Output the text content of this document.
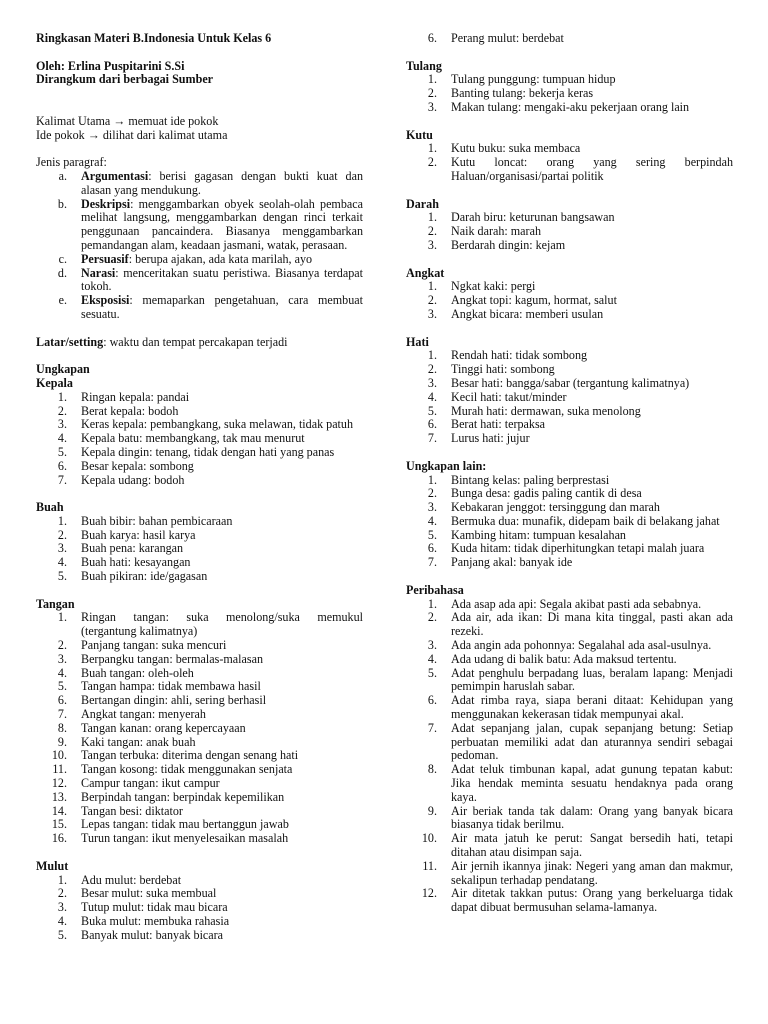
Ringkasan Materi B.Indonesia Untuk Kelas 6
Oleh: Erlina Puspitarini S.Si
Dirangkum dari berbagai Sumber
Kalimat Utama → memuat ide pokok
Ide pokok → dilihat dari kalimat utama
Jenis paragraf:
a.	Argumentasi: berisi gagasan dengan bukti kuat dan alasan yang mendukung.
b.	Deskripsi: menggambarkan obyek seolah-olah pembaca melihat langsung, menggambarkan dengan rinci terkait penggunaan pancaindera. Biasanya menggambarkan pemandangan alam, keadaan jasmani, watak, perasaan.
c.	Persuasif: berupa ajakan, ada kata marilah, ayo
d.	Narasi: menceritakan suatu peristiwa. Biasanya terdapat tokoh.
e.	Eksposisi: memaparkan pengetahuan, cara membuat sesuatu.
Latar/setting: waktu dan tempat percakapan terjadi
Ungkapan
Kepala
1.	Ringan kepala: pandai
2.	Berat kepala: bodoh
3.	Keras kepala: pembangkang, suka melawan, tidak patuh
4.	Kepala batu: membangkang, tak mau menurut
5.	Kepala dingin: tenang, tidak dengan hati yang panas
6.	Besar kepala: sombong
7.	Kepala udang: bodoh
Buah
1.	Buah bibir: bahan pembicaraan
2.	Buah karya: hasil karya
3.	Buah pena: karangan
4.	Buah hati: kesayangan
5.	Buah pikiran: ide/gagasan
Tangan
1.	Ringan tangan: suka menolong/suka memukul (tergantung kalimatnya)
2.	Panjang tangan: suka mencuri
3.	Berpangku tangan: bermalas-malasan
4.	Buah tangan: oleh-oleh
5.	Tangan hampa: tidak membawa hasil
6.	Bertangan dingin: ahli, sering berhasil
7.	Angkat tangan: menyerah
8.	Tangan kanan: orang kepercayaan
9.	Kaki tangan: anak buah
10.	Tangan terbuka: diterima dengan senang hati
11.	Tangan kosong: tidak menggunakan senjata
12.	Campur tangan: ikut campur
13.	Berpindah tangan: berpindak kepemilikan
14.	Tangan besi: diktator
15.	Lepas tangan: tidak mau bertanggun jawab
16.	Turun tangan: ikut menyelesaikan masalah
Mulut
1.	Adu mulut: berdebat
2.	Besar mulut: suka membual
3.	Tutup mulut: tidak mau bicara
4.	Buka mulut: membuka rahasia
5.	Banyak mulut: banyak bicara
6.	Perang mulut: berdebat
Tulang
1.	Tulang punggung: tumpuan hidup
2.	Banting tulang: bekerja keras
3.	Makan tulang: mengaki-aku pekerjaan orang lain
Kutu
1.	Kutu buku: suka membaca
2.	Kutu loncat: orang yang sering berpindah Haluan/organisasi/partai politik
Darah
1.	Darah biru: keturunan bangsawan
2.	Naik darah: marah
3.	Berdarah dingin: kejam
Angkat
1.	Ngkat kaki: pergi
2.	Angkat topi: kagum, hormat, salut
3.	Angkat bicara: memberi usulan
Hati
1.	Rendah hati: tidak sombong
2.	Tinggi hati: sombong
3.	Besar hati: bangga/sabar (tergantung kalimatnya)
4.	Kecil hati: takut/minder
5.	Murah hati: dermawan, suka menolong
6.	Berat hati: terpaksa
7.	Lurus hati: jujur
Ungkapan lain:
1.	Bintang kelas: paling berprestasi
2.	Bunga desa: gadis paling cantik di desa
3.	Kebakaran jenggot: tersinggung dan marah
4.	Bermuka dua: munafik, didepam baik di belakang jahat
5.	Kambing hitam: tumpuan kesalahan
6.	Kuda hitam: tidak diperhitungkan tetapi malah juara
7.	Panjang akal: banyak ide
Peribahasa
1.	Ada asap ada api: Segala akibat pasti ada sebabnya.
2.	Ada air, ada ikan: Di mana kita tinggal, pasti akan ada rezeki.
3.	Ada angin ada pohonnya: Segalahal ada asal-usulnya.
4.	Ada udang di balik batu: Ada maksud tertentu.
5.	Adat penghulu berpadang luas, beralam lapang: Menjadi pemimpin haruslah sabar.
6.	Adat rimba raya, siapa berani ditaat: Kehidupan yang menggunakan kekerasan tidak mempunyai akal.
7.	Adat sepanjang jalan, cupak sepanjang betung: Setiap perbuatan memiliki adat dan aturannya sendiri sebagai pedoman.
8.	Adat teluk timbunan kapal, adat gunung tepatan kabut: Jika hendak meminta sesuatu hendaknya pada orang kaya.
9.	Air beriak tanda tak dalam: Orang yang banyak bicara biasanya tidak berilmu.
10.	Air mata jatuh ke perut: Sangat bersedih hati, tetapi ditahan atau disimpan saja.
11.	Air jernih ikannya jinak: Negeri yang aman dan makmur, sekalipun terhadap pendatang.
12.	Air ditetak takkan putus: Orang yang berkeluarga tidak dapat dibuat bermusuhan selama-lamanya.
